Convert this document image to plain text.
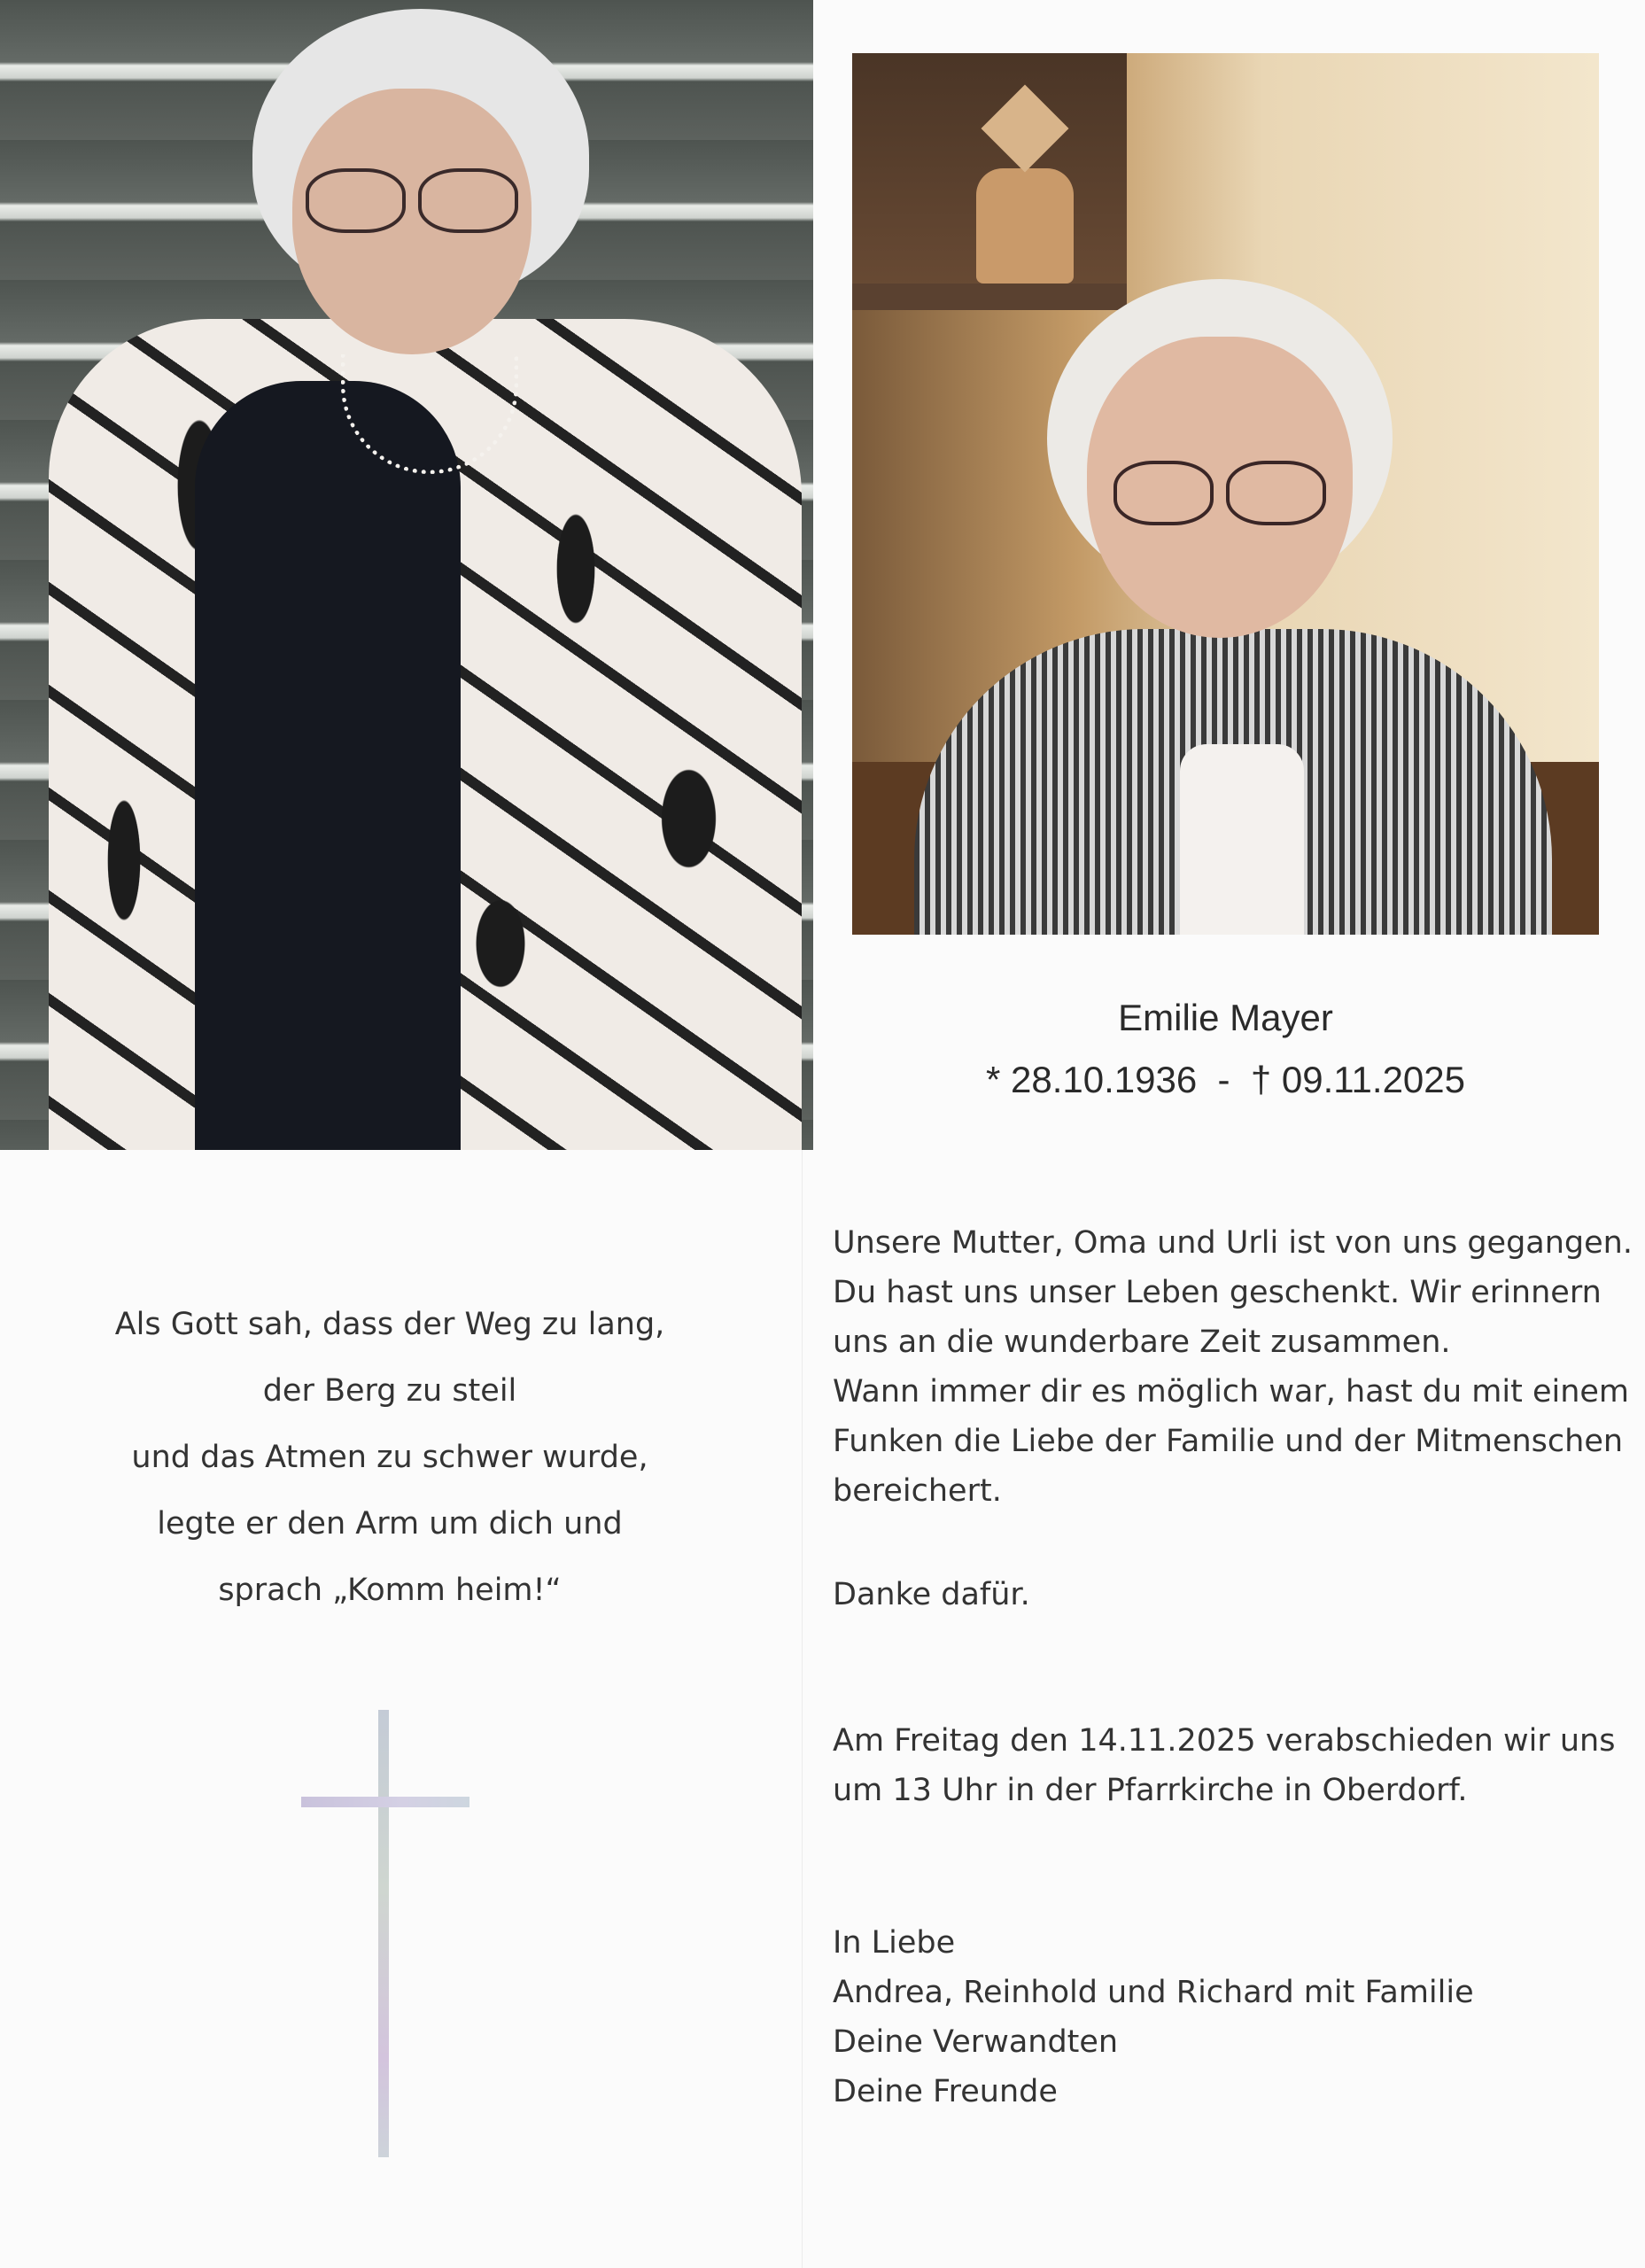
Emilie Mayer
* 28.10.1936  -  † 09.11.2025
Als Gott sah, dass der Weg zu lang,
der Berg zu steil
und das Atmen zu schwer wurde,
legte er den Arm um dich und
sprach „Komm heim!“
Unsere Mutter, Oma und Urli ist von uns gegangen.
Du hast uns unser Leben geschenkt. Wir erinnern
uns an die wunderbare Zeit zusammen.
Wann immer dir es möglich war, hast du mit einem
Funken die Liebe der Familie und der Mitmenschen
bereichert.
Danke dafür.
Am Freitag den 14.11.2025 verabschieden wir uns
um 13 Uhr in der Pfarrkirche in Oberdorf.
In Liebe
Andrea, Reinhold und Richard mit Familie
Deine Verwandten
Deine Freunde
